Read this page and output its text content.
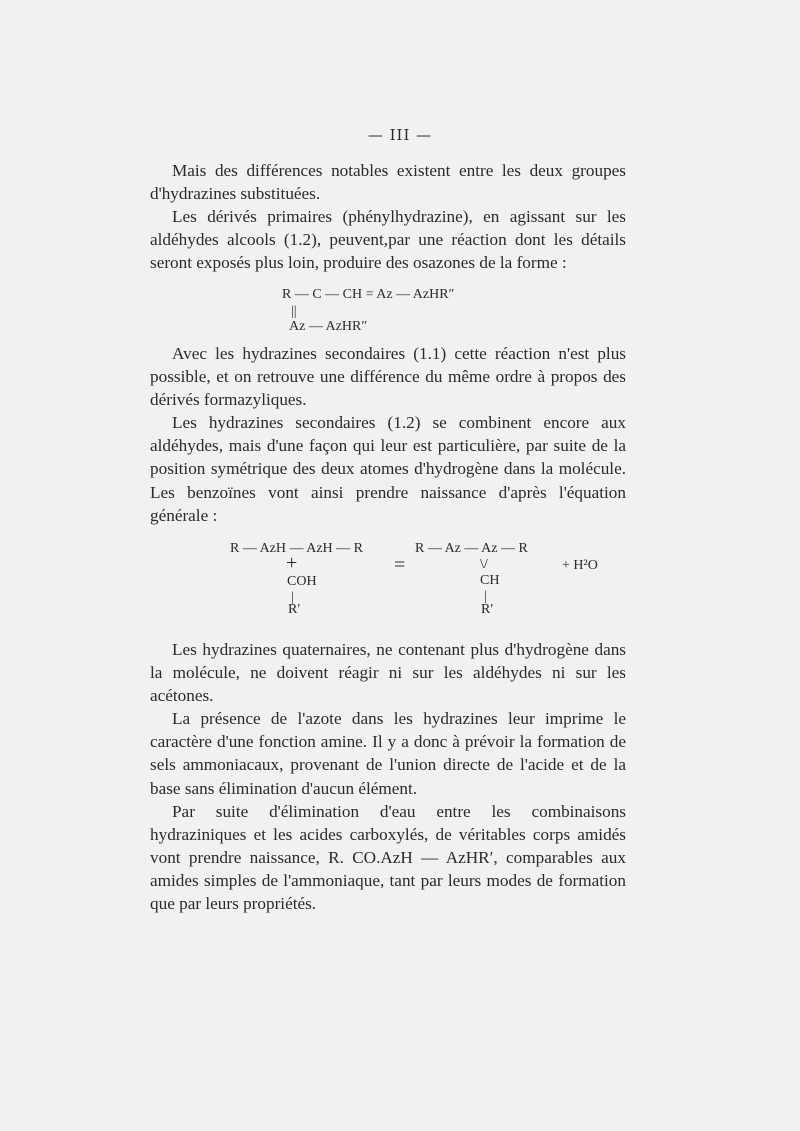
— III —

Mais des différences notables existent entre les deux groupes d'hydrazines substituées.

Les dérivés primaires (phénylhydrazine), en agissant sur les aldéhydes alcools (1.2), peuvent,par une réaction dont les détails seront exposés plus loin, produire des osazones de la forme :

R — C — CH = Az — AzHR″
||
Az — AzHR″

Avec les hydrazines secondaires (1.1) cette réaction n'est plus possible, et on retrouve une différence du même ordre à propos des dérivés formazyliques.

Les hydrazines secondaires (1.2) se combinent encore aux aldéhydes, mais d'une façon qui leur est particulière, par suite de la position symétrique des deux atomes d'hydrogène dans la molécule. Les benzoïnes vont ainsi prendre naissance d'après l'équation générale :

R — AzH — AzH — R
+
COH
|
R′
=
R — Az — Az — R
\/
CH
|
R′
+ H²O

Les hydrazines quaternaires, ne contenant plus d'hydrogène dans la molécule, ne doivent réagir ni sur les aldéhydes ni sur les acétones.

La présence de l'azote dans les hydrazines leur imprime le caractère d'une fonction amine. Il y a donc à prévoir la formation de sels ammoniacaux, provenant de l'union directe de l'acide et de la base sans élimination d'aucun élément.

Par suite d'élimination d'eau entre les combinaisons hydraziniques et les acides carboxylés, de véritables corps amidés vont prendre naissance, R. CO.AzH — AzHR′, comparables aux amides simples de l'ammoniaque, tant par leurs modes de formation que par leurs propriétés.
